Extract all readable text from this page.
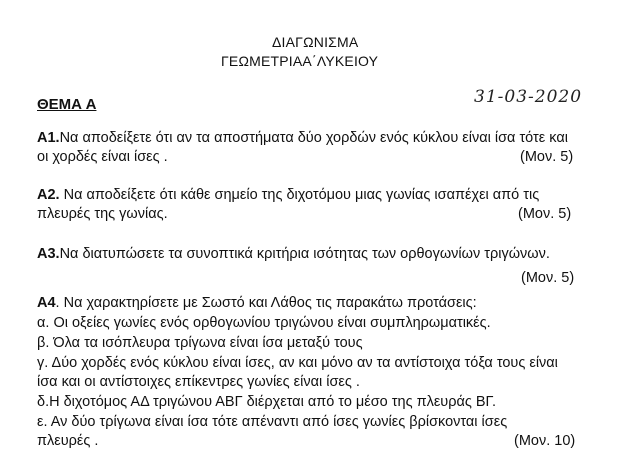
ΔΙΑΓΩΝΙΣΜΑ
ΓΕΩΜΕΤΡΙΑΑ΄ΛΥΚΕΙΟΥ
ΘΕΜΑ Α	31-03-2020
Α1.Να αποδείξετε ότι αν τα αποστήματα δύο χορδών ενός κύκλου είναι ίσα τότε και
οι χορδές είναι ίσες .	(Μον. 5)
Α2. Να αποδείξετε ότι κάθε σημείο της διχοτόμου μιας γωνίας ισαπέχει από τις
πλευρές της γωνίας.	(Μον. 5)
Α3.Να διατυπώσετε τα συνοπτικά κριτήρια ισότητας των ορθογωνίων τριγώνων.
(Μον. 5)
Α4. Να χαρακτηρίσετε με Σωστό και Λάθος τις παρακάτω προτάσεις:
α. Οι οξείες γωνίες ενός ορθογωνίου τριγώνου είναι συμπληρωματικές.
β. Όλα τα ισόπλευρα τρίγωνα είναι ίσα μεταξύ τους
γ. Δύο χορδές ενός κύκλου είναι ίσες, αν και μόνο αν τα αντίστοιχα τόξα τους είναι
ίσα και οι αντίστοιχες επίκεντρες γωνίες είναι ίσες .
δ.Η διχοτόμος ΑΔ τριγώνου ΑΒΓ διέρχεται από το μέσο της πλευράς ΒΓ.
ε. Αν δύο τρίγωνα είναι ίσα τότε απέναντι από ίσες γωνίες βρίσκονται ίσες
πλευρές .	(Μον. 10)
